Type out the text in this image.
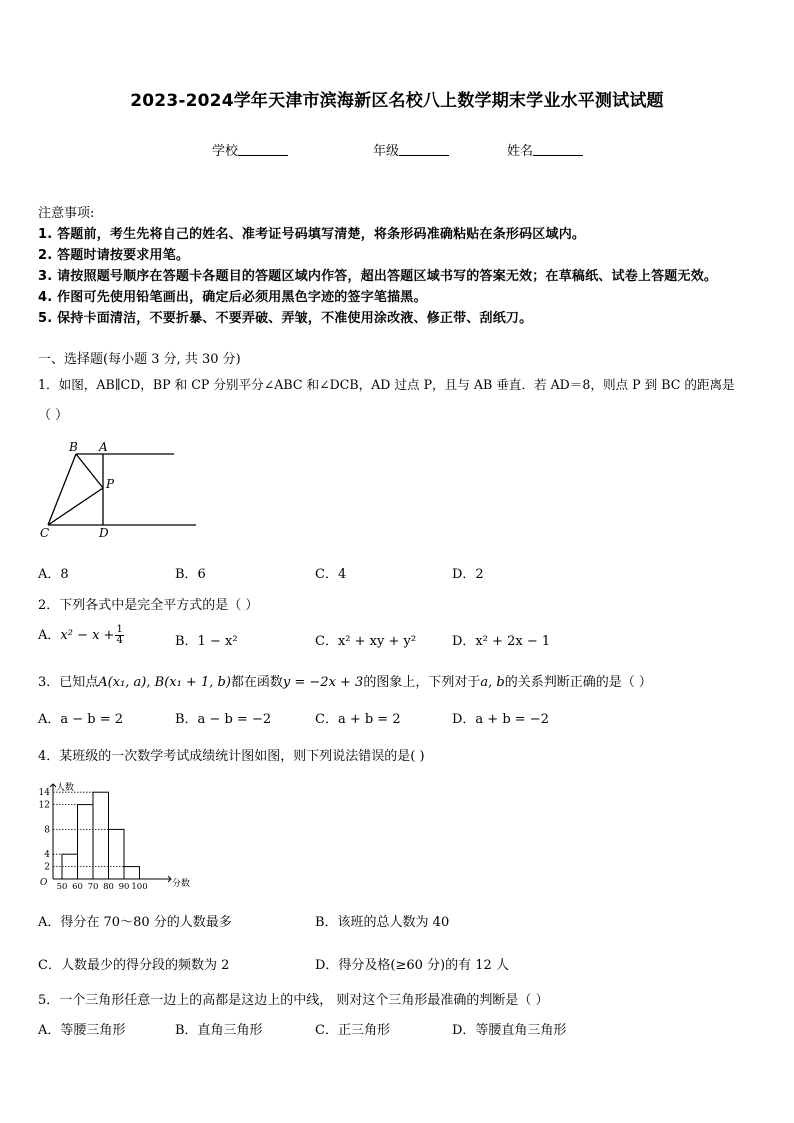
2023-2024学年天津市滨海新区名校八上数学期末学业水平测试试题
学校	年级	姓名
注意事项:
1. 答题前，考生先将自己的姓名、准考证号码填写清楚，将条形码准确粘贴在条形码区域内。
2. 答题时请按要求用笔。
3. 请按照题号顺序在答题卡各题目的答题区域内作答，超出答题区域书写的答案无效；在草稿纸、试卷上答题无效。
4. 作图可先使用铅笔画出，确定后必须用黑色字迹的签字笔描黑。
5. 保持卡面清洁，不要折暴、不要弄破、弄皱，不准使用涂改液、修正带、刮纸刀。
一、选择题(每小题 3 分, 共 30 分)
1．如图，AB∥CD，BP 和 CP 分别平分∠ABC 和∠DCB，AD 过点 P，且与 AB 垂直．若 AD＝8，则点 P 到 BC 的距离是
（ ）
B A
P
C	D
A．8	B．6	C．4	D．2
2．下列各式中是完全平方式的是（ ）
A．$x^2 - x + \frac{1}{4}$	B．1 − x²	C．x² + xy + y²	D．x² + 2x − 1
3．已知点A(x₁, a), B(x₁ + 1, b)都在函数y = −2x + 3的图象上，下列对于a, b的关系判断正确的是（ ）
A．a − b = 2	B．a − b = −2	C．a + b = 2	D．a + b = −2
4．某班级的一次数学考试成绩统计图如图，则下列说法错误的是( )
2
4
8
12
14
50 60 70 80 90 100
人数
分数
O
A．得分在 70～80 分的人数最多	B．该班的总人数为 40
C．人数最少的得分段的频数为 2	D．得分及格(≥60 分)的有 12 人
5．一个三角形任意一边上的高都是这边上的中线， 则对这个三角形最准确的判断是（ ）
A．等腰三角形	B．直角三角形	C．正三角形	D．等腰直角三角形
